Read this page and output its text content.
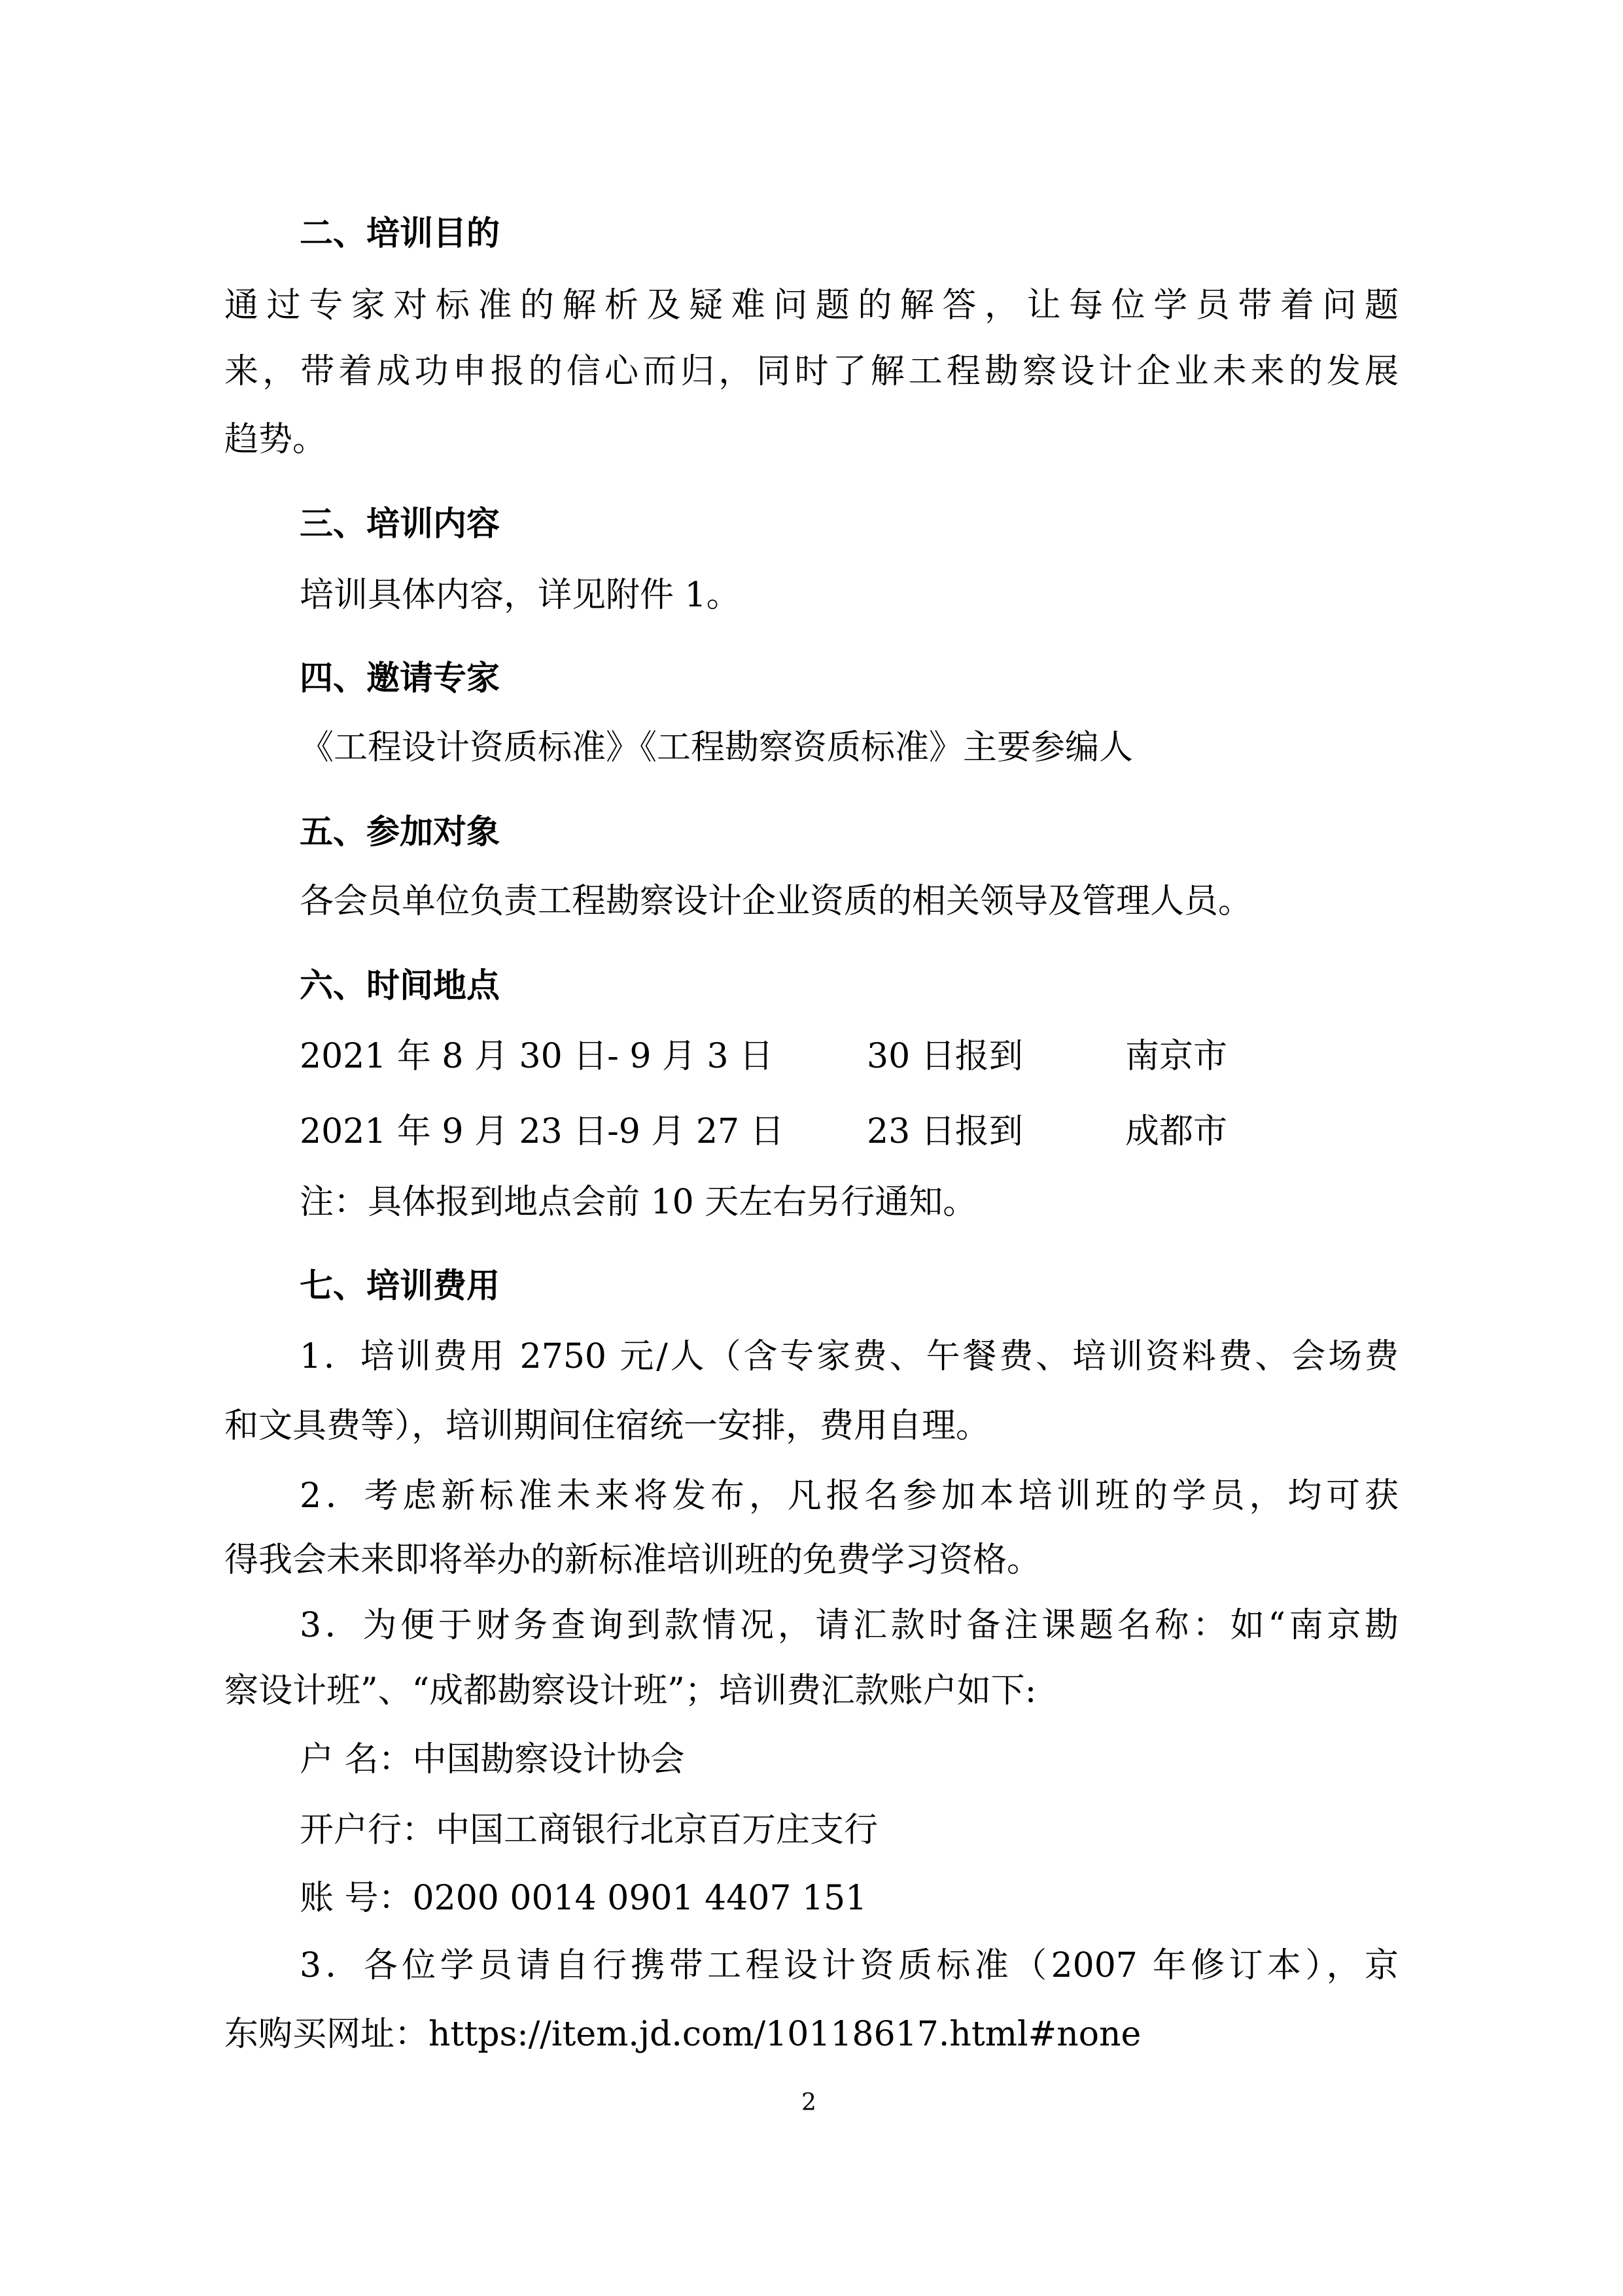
二、培训目的
通过专家对标准的解析及疑难问题的解答，让每位学员带着问题
来，带着成功申报的信心而归，同时了解工程勘察设计企业未来的发展
趋势。
三、培训内容
培训具体内容，详见附件 1。
四、邀请专家
《工程设计资质标准》《工程勘察资质标准》主要参编人
五、参加对象
各会员单位负责工程勘察设计企业资质的相关领导及管理人员。
六、时间地点
2021 年 8 月 30 日- 9 月 3 日	30 日报到	南京市
2021 年 9 月 23 日-9 月 27 日 23 日报到	成都市
注：具体报到地点会前 10 天左右另行通知。
七、培训费用
1．培训费用 2750 元/人（含专家费、午餐费、培训资料费、会场费
和文具费等），培训期间住宿统一安排，费用自理。
2．考虑新标准未来将发布，凡报名参加本培训班的学员，均可获
得我会未来即将举办的新标准培训班的免费学习资格。
3．为便于财务查询到款情况，请汇款时备注课题名称：如“南京勘
察设计班”、“成都勘察设计班”；培训费汇款账户如下:
户 名：中国勘察设计协会
开户行：中国工商银行北京百万庄支行
账 号：0200 0014 0901 4407 151
3．各位学员请自行携带工程设计资质标准（2007 年修订本），京
东购买网址：https://item.jd.com/10118617.html#none
2
